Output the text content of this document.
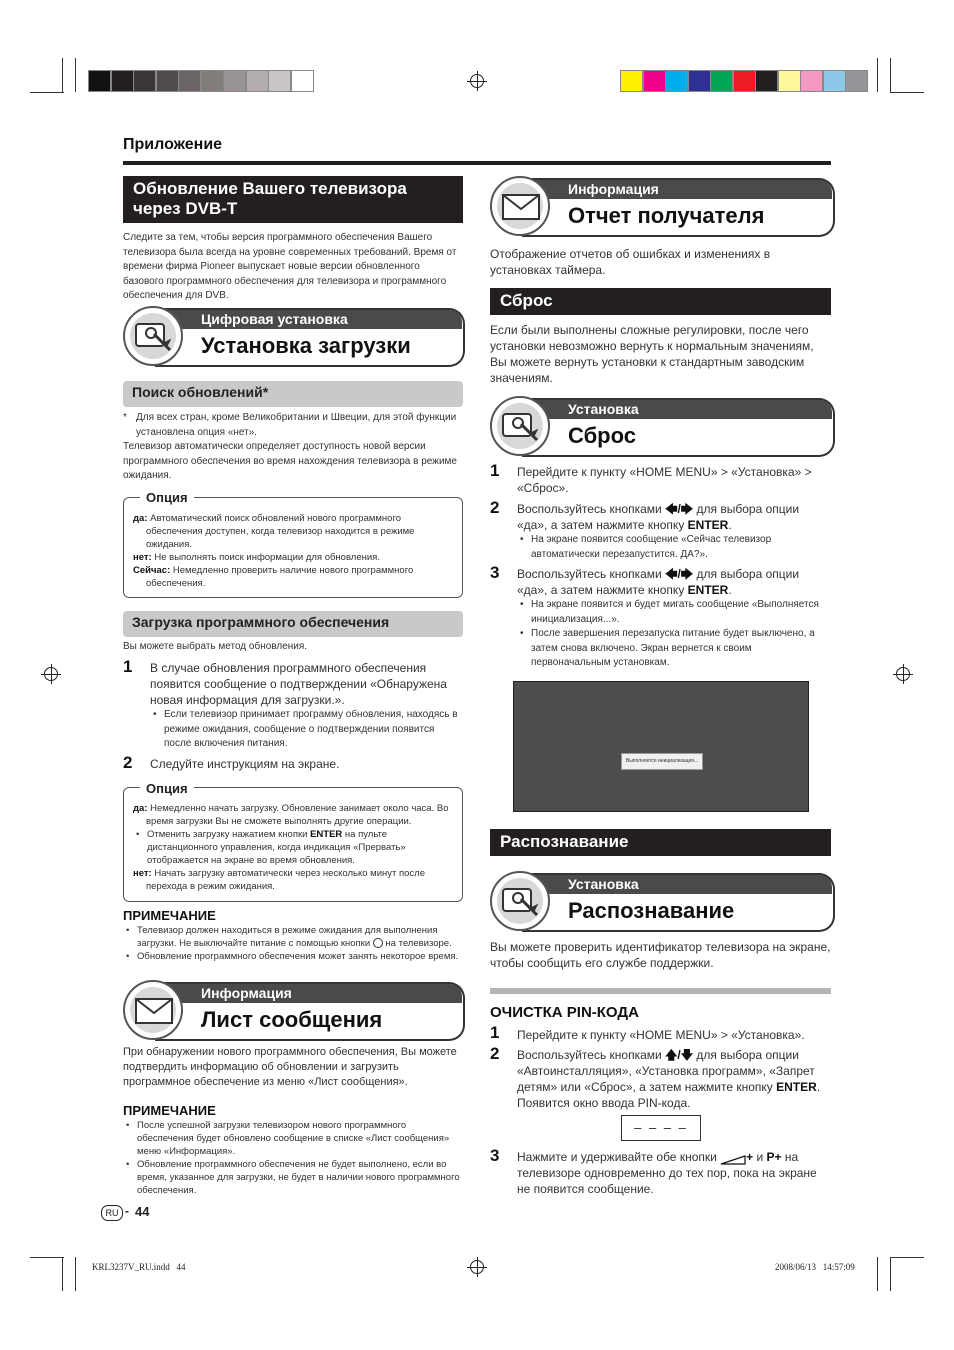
Приложение
Обновление Вашего телевизора через DVB-T
Следите за тем, чтобы версия программного обеспечения Вашего телевизора была всегда на уровне современных требований. Время от времени фирма Pioneer выпускает новые версии обновленного базового программного обеспечения для телевизора и программного обеспечения для DVB.
Цифровая установка
Установка загрузки
Поиск обновлений*
* Для всех стран, кроме Великобритании и Швеции, для этой функции установлена опция «нет».
Телевизор автоматически определяет доступность новой версии программного обеспечения во время нахождения телевизора в режиме ожидания.
Опция
да: Автоматический поиск обновлений нового программного обеспечения доступен, когда телевизор находится в режиме ожидания.
нет: Не выполнять поиск информации для обновления.
Сейчас: Немедленно проверить наличие нового программного обеспечения.
Загрузка программного обеспечения
Вы можете выбрать метод обновления.
1 В случае обновления программного обеспечения появится сообщение о подтверждении «Обнаружена новая информация для загрузки.».
• Если телевизор принимает программу обновления, находясь в режиме ожидания, сообщение о подтверждении появится после включения питания.
2 Следуйте инструкциям на экране.
Опция
да: Немедленно начать загрузку. Обновление занимает около часа. Во время загрузки Вы не сможете выполнять другие операции.
• Отменить загрузку нажатием кнопки ENTER на пульте дистанционного управления, когда индикация «Прервать» отображается на экране во время обновления.
нет: Начать загрузку автоматически через несколько минут после перехода в режим ожидания.
ПРИМЕЧАНИЕ
• Телевизор должен находиться в режиме ожидания для выполнения загрузки. Не выключайте питание с помощью кнопки  на телевизоре.
• Обновление программного обеспечения может занять некоторое время.
Информация
Лист сообщения
При обнаружении нового программного обеспечения, Вы можете подтвердить информацию об обновлении и загрузить программное обеспечение из меню «Лист сообщения».
ПРИМЕЧАНИЕ
• После успешной загрузки телевизором нового программного обеспечения будет обновлено сообщение в списке «Лист сообщения» меню «Информация».
• Обновление программного обеспечения не будет выполнено, если во время, указанное для загрузки, не будет в наличии нового программного обеспечения.
Информация
Отчет получателя
Отображение отчетов об ошибках и изменениях в установках таймера.
Сброс
Если были выполнены сложные регулировки, после чего установки невозможно вернуть к нормальным значениям, Вы можете вернуть установки к стандартным заводским значениям.
Установка
Сброс
1 Перейдите к пункту «HOME MENU» > «Установка» > «Сброс».
2 Воспользуйтесь кнопками 🡄/🡆 для выбора опции «да», а затем нажмите кнопку ENTER.
• На экране появится сообщение «Сейчас телевизор автоматически перезапустится. ДА?».
3 Воспользуйтесь кнопками 🡄/🡆 для выбора опции «да», а затем нажмите кнопку ENTER.
• На экране появится и будет мигать сообщение «Выполняется инициализация...».
• После завершения перезапуска питание будет выключено, а затем снова включено. Экран вернется к своим первоначальным установкам.
Выполняется инициализация...
Распознавание
Установка
Распознавание
Вы можете проверить идентификатор телевизора на экране, чтобы сообщить его службе поддержки.
ОЧИСТКА PIN-КОДА
1 Перейдите к пункту «HOME MENU» > «Установка».
2 Воспользуйтесь кнопками 🡅/🡇 для выбора опции «Автоинсталляция», «Установка программ», «Запрет детям» или «Сброс», а затем нажмите кнопку ENTER. Появится окно ввода PIN-кода.
– – – –
3 Нажмите и удерживайте обе кнопки + и P+ на телевизоре одновременно до тех пор, пока на экране не появится сообщение.
RU - 44
KRL3237V_RU.indd   44	2008/06/13   14:57:09
